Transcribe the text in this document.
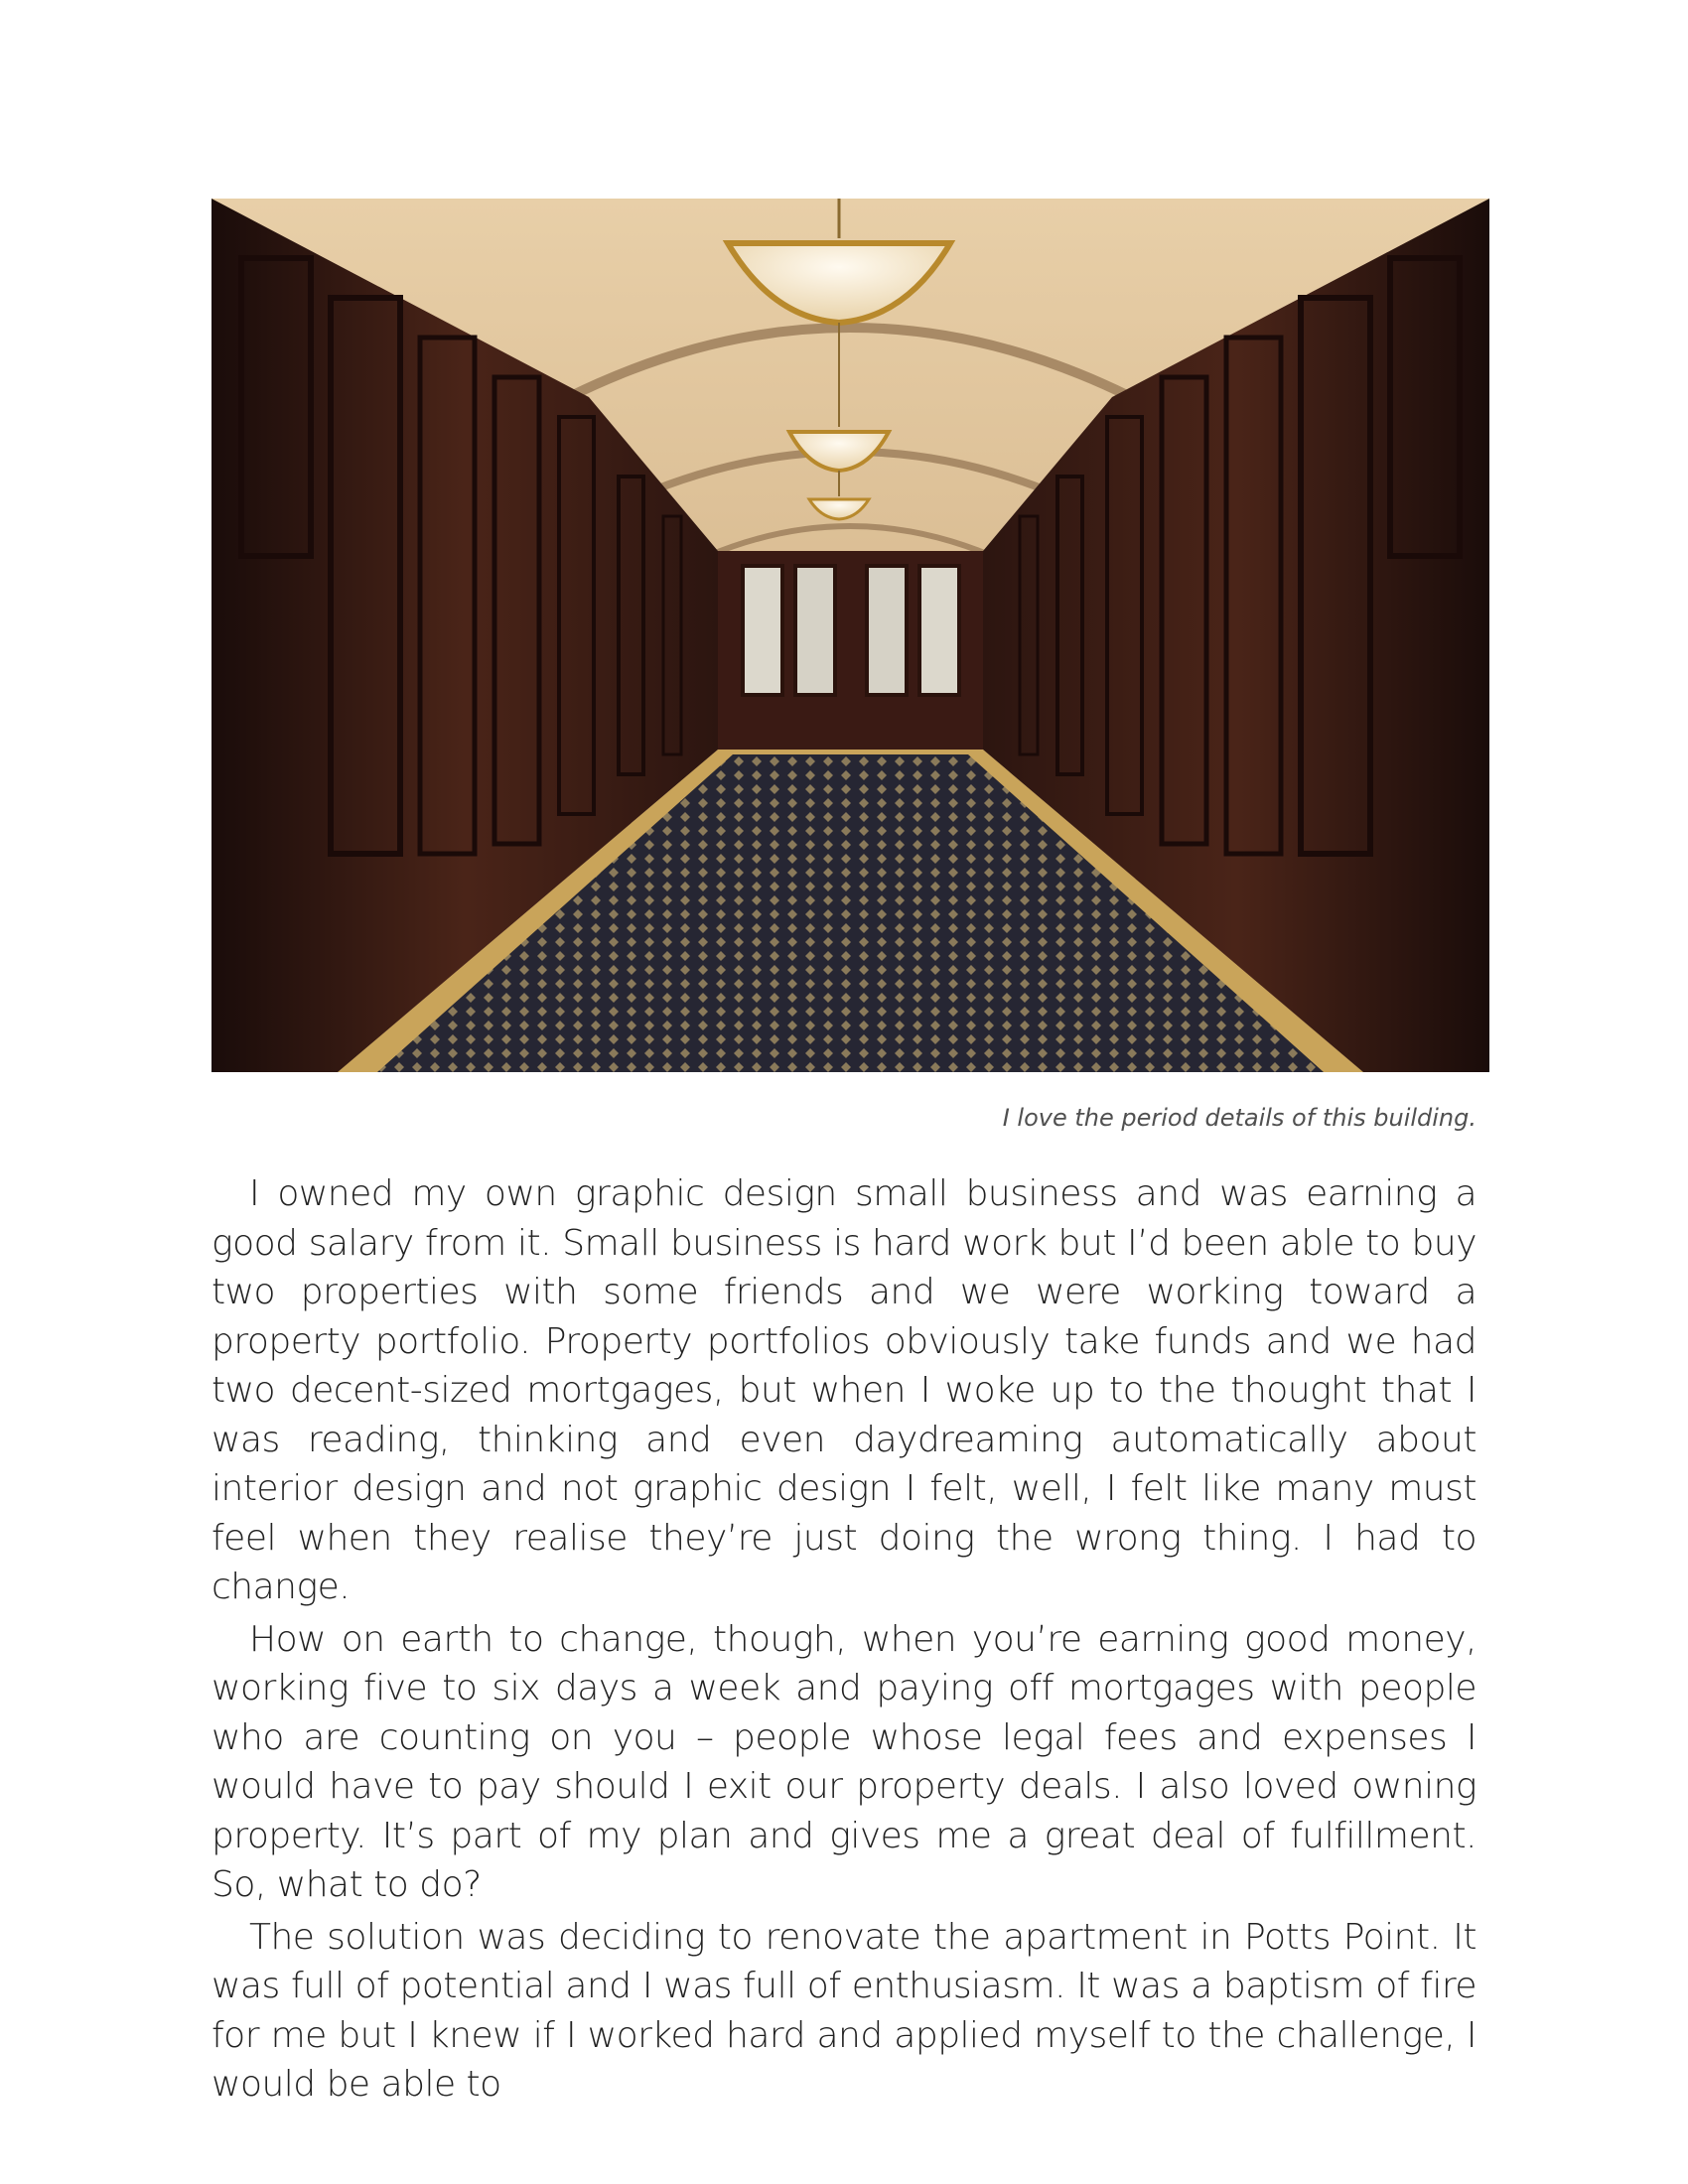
I love the period details of this building.

I owned my own graphic design small business and was earning a good salary from it. Small business is hard work but I’d been able to buy two properties with some friends and we were working toward a property portfolio. Property portfolios obviously take funds and we had two decent-sized mortgages, but when I woke up to the thought that I was reading, thinking and even daydreaming automatically about interior design and not graphic design I felt, well, I felt like many must feel when they realise they’re just doing the wrong thing. I had to change.

How on earth to change, though, when you’re earning good money, working five to six days a week and paying off mortgages with people who are counting on you – people whose legal fees and expenses I would have to pay should I exit our property deals. I also loved owning property. It’s part of my plan and gives me a great deal of fulfillment. So, what to do?

The solution was deciding to renovate the apartment in Potts Point. It was full of potential and I was full of enthusiasm. It was a baptism of fire for me but I knew if I worked hard and applied myself to the challenge, I would be able to
